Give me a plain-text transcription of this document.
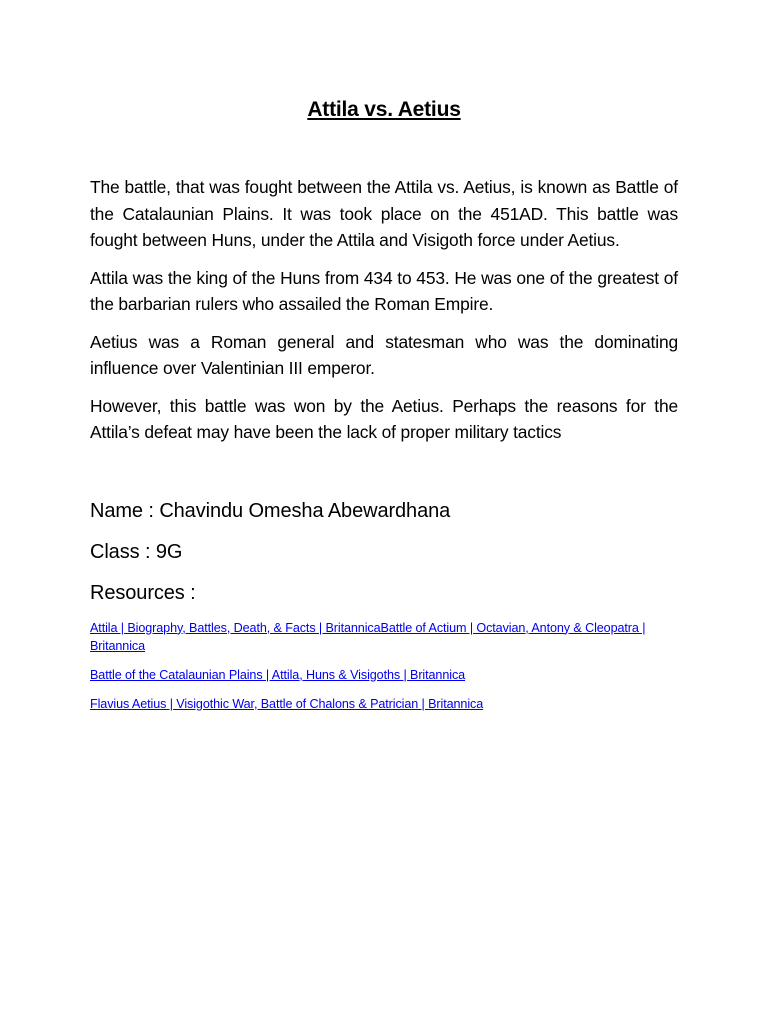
Attila vs. Aetius

The battle, that was fought between the Attila vs. Aetius, is known as Battle of the Catalaunian Plains. It was took place on the 451AD. This battle was fought between Huns, under the Attila and Visigoth force under Aetius.

Attila was the king of the Huns from 434 to 453. He was one of the greatest of the barbarian rulers who assailed the Roman Empire.

Aetius was a Roman general and statesman who was the dominating influence over Valentinian III emperor.

However, this battle was won by the Aetius. Perhaps the reasons for the Attila’s defeat may have been the lack of proper military tactics

Name : Chavindu Omesha Abewardhana
Class : 9G
Resources :
Attila | Biography, Battles, Death, & Facts | BritannicaBattle of Actium | Octavian, Antony & Cleopatra | Britannica
Battle of the Catalaunian Plains | Attila, Huns & Visigoths | Britannica
Flavius Aetius | Visigothic War, Battle of Chalons & Patrician | Britannica
